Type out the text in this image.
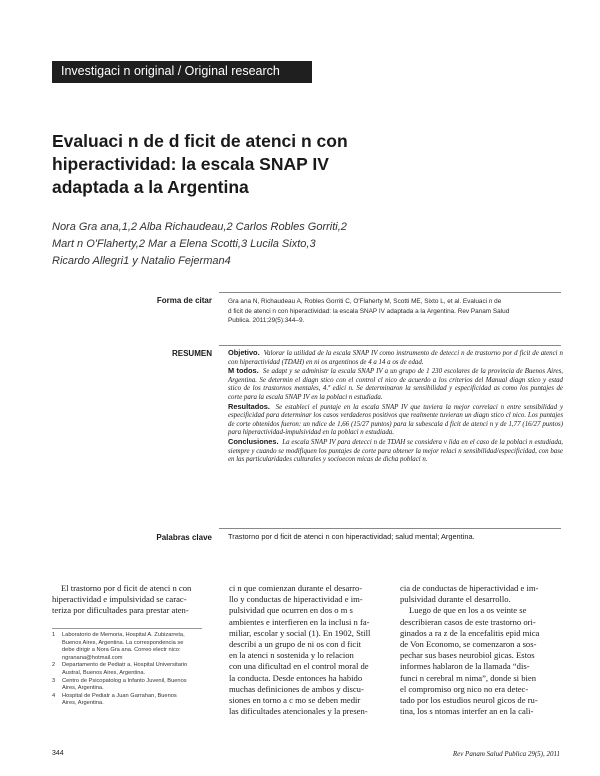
Investigaci n original / Original research
Evaluaci n de d ficit de atenci n con
hiperactividad: la escala SNAP IV
adaptada a la Argentina
Nora Gra ana,1,2 Alba Richaudeau,2 Carlos Robles Gorriti,2
Mart n O'Flaherty,2 Mar a Elena Scotti,3 Lucila Sixto,3
Ricardo Allegri1 y Natalio Fejerman4
Forma de citar	Gra ana N, Richaudeau A, Robles Gorriti C, O'Flaherty M, Scotti ME, Sixto L, et al. Evaluaci n de
d ficit de atenci n con hiperactividad: la escala SNAP IV adaptada a la Argentina. Rev Panam Salud
Publica. 2011;29(5):344–9.
RESUMEN Objetivo. Valorar la utilidad de la escala SNAP IV como instrumento de detecci n de trastorno por d ficit de atenci n con hiperactividad (TDAH) en ni os argentinos de 4 a 14 a os de edad.

M todos. Se adapt y se administr la escala SNAP IV a un grupo de 1 230 escolares de la provincia de Buenos Aires, Argentina. Se determin el diagn stico con el control cl nico de acuerdo a los criterios del Manual diagn stico y estad stico de los trastornos mentales, 4.ª edici n. Se determinaron la sensibilidad y especificidad as como los puntajes de corte para la escala SNAP IV en la poblaci n estudiada.

Resultados. Se estableci el puntaje en la escala SNAP IV que tuviera la mejor correlaci n entre sensibilidad y especificidad para determinar los casos verdaderos positivos que realmente tuvieran un diagn stico cl nico. Los puntajes de corte obtenidos fueron: un ndice de 1,66 (15/27 puntos) para la subescala d ficit de atenci n y de 1,77 (16/27 puntos) para hiperactividad-impulsividad en la poblaci n estudiada.

Conclusiones. La escala SNAP IV para detecci n de TDAH se considera v lida en el caso de la poblaci n estudiada, siempre y cuando se modifiquen los puntajes de corte para obtener la mejor relaci n sensibilidad/especificidad, con base en las particularidades culturales y socioecon micas de dicha poblaci n.

Palabras clave Trastorno por d ficit de atenci n con hiperactividad; salud mental; Argentina.
El trastorno por d ficit de atenci n con
hiperactividad e impulsividad se carac-
teriza por dificultades para prestar aten-
1	Laboratorio de Memoria, Hospital A. Zubizarreta,
Buenos Aires, Argentina. La correspondencia se
debe dirigir a Nora Gra ana. Correo electr nico:
ngranana@hotmail.com
2	Departamento de Pediatr a, Hospital Universitario
Austral, Buenos Aires, Argentina.
3	Centro de Psicopatolog a Infanto Juvenil, Buenos
Aires, Argentina.
4	Hospital de Pediatr a Juan Garrahan, Buenos
Aires, Argentina.
ci n que comienzan durante el desarro-
llo y conductas de hiperactividad e im-
pulsividad que ocurren en dos o m s
ambientes e interfieren en la inclusi n fa-
miliar, escolar y social (1). En 1902, Still
describi a un grupo de ni os con d ficit
en la atenci n sostenida y lo relacion
con una dificultad en el control moral de
la conducta. Desde entonces ha habido
muchas definiciones de ambos y discu-
siones en torno a c mo se deben medir
las dificultades atencionales y la presen-
cia de conductas de hiperactividad e im-
pulsividad durante el desarrollo.
Luego de que en los a os veinte se
describieran casos de este trastorno ori-
ginados a ra z de la encefalitis epid mica
de Von Economo, se comenzaron a sos-
pechar sus bases neurobiol gicas. Estos
informes hablaron de la llamada “dis-
funci n cerebral m nima”, donde si bien
el compromiso org nico no era detec-
tado por los estudios neurol gicos de ru-
tina, los s ntomas interfer an en la cali-
344	Rev Panam Salud Publica 29(5), 2011
